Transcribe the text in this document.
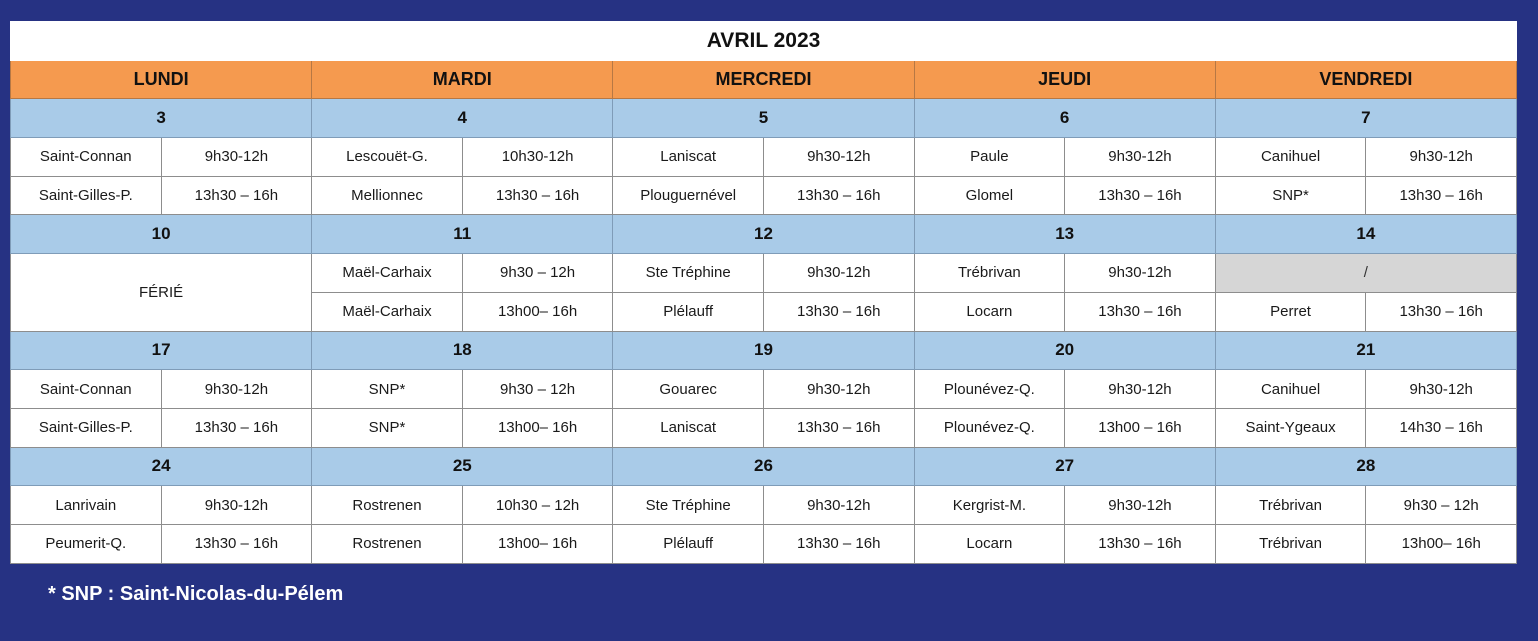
AVRIL 2023									
LUNDI		MARDI		MERCREDI		JEUDI		VENDREDI	
3		4		5		6		7	
Saint-Connan	9h30-12h	Lescouët-G.	10h30-12h	Laniscat	9h30-12h	Paule	9h30-12h	Canihuel	9h30-12h
Saint-Gilles-P.	13h30 – 16h	Mellionnec	13h30 – 16h	Plouguernével	13h30 – 16h	Glomel	13h30 – 16h	SNP*	13h30 – 16h
10		11		12		13		14	
FÉRIÉ		Maël-Carhaix	9h30 – 12h	Ste Tréphine	9h30-12h	Trébrivan	9h30-12h	/	
		Maël-Carhaix	13h00– 16h	Plélauff	13h30 – 16h	Locarn	13h30 – 16h	Perret	13h30 – 16h
17		18		19		20		21	
Saint-Connan	9h30-12h	SNP*	9h30 – 12h	Gouarec	9h30-12h	Plounévez-Q.	9h30-12h	Canihuel	9h30-12h
Saint-Gilles-P.	13h30 – 16h	SNP*	13h00– 16h	Laniscat	13h30 – 16h	Plounévez-Q.	13h00 – 16h	Saint-Ygeaux	14h30 – 16h
24		25		26		27		28	
Lanrivain	9h30-12h	Rostrenen	10h30 – 12h	Ste Tréphine	9h30-12h	Kergrist-M.	9h30-12h	Trébrivan	9h30 – 12h
Peumerit-Q.	13h30 – 16h	Rostrenen	13h00– 16h	Plélauff	13h30 – 16h	Locarn	13h30 – 16h	Trébrivan	13h00– 16h
* SNP : Saint-Nicolas-du-Pélem
